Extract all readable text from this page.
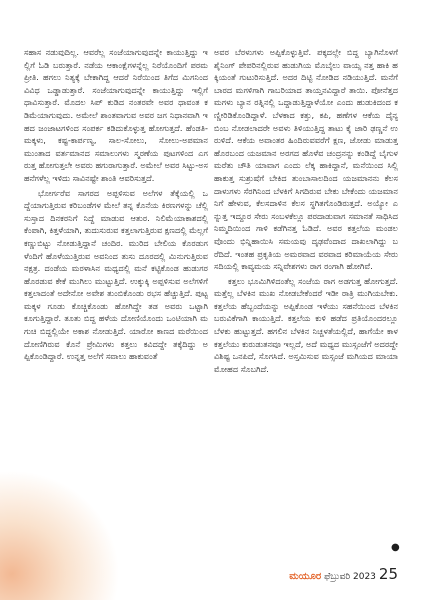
ಸಹಾಸ ನಡುವುದಿಲ್ಲ. ಆವರೆಲ್ಲ ಸಂಜೆಯಾಗುವುದನ್ನೇ ಕಾಯುತ್ತಿದ್ದು ಇಲ್ಲಿಗೆ ಓಡಿ ಬರುತ್ತಾರೆ. ನಡೆಯ ಆಕಾಂಕ್ಷೆಗಳನ್ನೆಲ್ಲ ನಿರೆಯೊಂದಿಗೆ ಪರಮಪ್ರೀತಿ. ಹಗಲು ನಿತ್ಯಕ್ಕೆ ಬೇಕಾಗಿದ್ದ ಆದರೆ ನಿರೆಯಿಂದ ತಿಗೆದ ಮಿಗನಿಂದ ವಿವಿಧ ಒಡ್ಡಾಡುತ್ತಾರೆ. ಸಂಜೆಯಾಗುವುದನ್ನೇ ಕಾಯುತ್ತಿದ್ದು ಇಲ್ಲಿಗೆ ಧಾವಿಸುತ್ತಾರೆ. ಮೊದಲ ಸಿಪ್ ಕುಡಿದ ನಂತರವೇ ಅವರ ಧಾವಂತ ಕಡಿಮೆಯಾಗುವುದು. ಅಮೇಲೆ ಶಾಂತವಾಗುವ ಅವರ ಜಗ ನಿಧಾನವಾಗಿ ಇಹದ ಜಂಜಾಟಗಳಿಂದ ಸಂಪರ್ಕ ಕಡಿದುಕೊಳ್ಳುತ್ತ ಹೋಗುತ್ತದೆ. ಹೆಂಡತಿ- ಮಕ್ಕಳು, ಕಷ್ಟ-ಕಾರ್ಪಣ್ಯ, ಸಾಲ-ಸೋಲು, ಸೋಲು-ಅಪಮಾನ ಮುಂತಾದ ವರ್ತಮಾನದ ಸಮಾಲುಗಳು ಸ್ಮರಣೆಯ ಪುಟಗಳಿಂದ ಎಗರುತ್ತ ಹೋಗುತ್ತಲೇ ಅವರು ಹಗುರಾಗುತ್ತಾರೆ. ಅಮೇಲೆ ಅವರ ಸಿಟ್ಟು-ಅಸಹನೆಗಳೆಲ್ಲ ಇಳಿದು ಸಾವಿನಷ್ಟೇ ಶಾಂತಿ ಆವರಿಸುತ್ತದೆ.

ಭೋರ್ಗರೆವ ಸಾಗರದ ಅಪ್ಪಳಿಸುವ ಅಲೆಗಳ ತೆಕ್ಕೆಯಲ್ಲಿ ಒದ್ದೆಯಾಗುತ್ತಿರುವ ಕರಿಬಂಡೆಗಳ ಮೇಲೆ ತನ್ನ ಕೊನೆಯ ಕಿರಣಗಳನ್ನು ಚೆಲ್ಲಿ ಸುಸ್ತಾದ ದಿನಕರನಿಗೆ ನಿದ್ದೆ ಮಾಡುವ ಆತುರ. ನಿಲಿಮೆಯಾಕಾಶದಲ್ಲಿ ಕೆಂಪಾಗಿ, ಕಿತ್ತಳೆಯಾಗಿ, ತುದುಸುರುವ ಕತ್ತಲಾಗುತ್ತಿರುವ ಕ್ಷಣದಲ್ಲಿ ಮೆಲ್ಲಗೆ ಕಣ್ಣುಬಿಟ್ಟು ನೋಡುತ್ತಿದ್ದಾನೆ ಚಂದಿರ. ಮುರಿದ ಬೇಲಿಯ ಕೊರಡುಗಳೆಂದಿಗೆ ಹೊಳೆಯುತ್ತಿರುವ ಅವನಿಂದ ತುಸು ದೂರದಲ್ಲಿ ಮಿನುಗುತ್ತಿರುವ ನಕ್ಷತ್ರ. ದಂಡೆಯ ಮರಳಾಸಿನ ಮಧ್ಯದಲ್ಲಿ ಮನೆ ಕಟ್ಟಿಕೊಂಡ ಹುಡುಗರ ಹೊರಡುವ ಕೇಕೆ ಮುಗಿಲು ಮುಟ್ಟುತ್ತಿದೆ. ಉಕ್ಕುಕ್ಕಿ ಅಪ್ಪಳಿಸುವ ಅಲೆಗಳಿಗೆ ಕತ್ತಲಾದಂತೆ ಅದೇನೋ ಅವೇಶ ತುಂಬಿಕೊಂಡು ರಭಸ ಹೆಚ್ಚುತ್ತಿದೆ. ಪುಟ್ಟ ಮಕ್ಕಳ ಗೂಡು ಕೊಚ್ಚಿಕೊಂಡು ಹೋಗಿದ್ದೇ ತಡ ಅವರು ಒಟ್ಟಾಗಿ ಕೂಗುತ್ತಿದ್ದಾರೆ. ತೂತು ಬಿದ್ದ ಹಳೆಯ ದೋಣಿಯೊಂದು ಒಂಟಿಯಾಗಿ ಮಗುಚಿ ಬಿದ್ದಲ್ಲಿಯೇ ಅಕಾಶ ನೋಡುತ್ತಿದೆ. ಯಾರೋ ಕಾಣದ ಮರೆಯಿಂದ ದೋಣಿಗಿರುವ ಕೊನೆ ಪ್ರೇಮಿಗಳು ಕತ್ತಲು ಕವಿದದ್ದೇ ತಕ್ಕೆದಿದ್ದು ಅಪ್ಪಿಕೊಂಡಿದ್ದಾರೆ. ಉನ್ನತ್ತ ಅಲೆಗೆ ಸವಾಲು ಹಾಕುವಂತೆ

ಅವರ ಬೆರಳುಗಳು ಅಪ್ಪಿಕೊಳ್ಳುತ್ತಿವೆ. ಪಕ್ಕದಲ್ಲೇ ಬಿದ್ದ ಬ್ಯಾಗಿನೊಳಗೆ ಶೈನಿಂಗ್ ಪೇಪರಿನಲ್ಲಿರುವ ಹುಡುಗಿಯ ಮೊಬೈಲು ವಾಯ್ಸ ನತ್ತ ಹಾಕಿ ಹಕ್ಕಿಯಂತೆ ಗುಟುರಿಸುತ್ತಿದೆ. ಅದರ ದಿಟ್ಟಿ ನೋಡಿದ ನಡಿಯುತ್ತಿದೆ. ಮನೆಗೆ ಬಾರದ ಮಗಳಿಗಾಗಿ ಗಾಬರಿಯಾದ ತಾಯ್ತನವಿದ್ದಾರೆ ತಾಯಿ. ಪೋನೆತ್ತದ ಮಗಳು ಬ್ಯಾನ ರತ್ನಿನಲ್ಲಿ ಒದ್ದಾಡುತ್ತಿದ್ದಾಳೆಯೋ ಎಂದು ಹುಡುಕಿದಂದ ಕಣ್ಣೀರಿಡಿಕೊಂಡಿದ್ದಾಳೆ. ಬೆಳಕಾದ ಕತ್ತು, ಕಪಿ, ಹಣೆಗಳ ಆಕೆಯ ದೈನ್ಯ ಬಿಂಬ ನೋಡಲಾದರೇ ಅವಳು ತಿಳಿಯುತ್ತಿದ್ದ ತಾಟು ಕೈ ಜಾರಿ ಢಣ್ಣನೆ ಉರುಳಿದೆ. ಆಕೆಯ ಅವಾಂತರ ಹಿಂದಿರುವವರೆಗೆ ಕ್ಷಣ, ಜೋಡು ಮಾಡುತ್ತ ಹೊರಬಂದ ಯಜಮಾನ ಅರಗದ ಹೊಳೆವ ಚಂದ್ರನನ್ನು ಕಂಡಿದ್ದೆ ಬೈಗುಳ ಮರೆತು ಚೌತಿ ಯಾವಾಗ ಎಂದು ಲೆಕ್ಕ ಹಾಕಿದ್ದಾನೆ, ಮನೆಯಿಂದ ಸಿಲ್ಲಿ ಹಾಕುತ್ತ ಸುಶ್ರುಷೆಗೆ ಬೇಕಿದ ತುಂಬಾಸಾಲದಿಂದ ಯಜಮಾನನು ಕೆಲಸದಾಳುಗಳು ಸೆರಗಿನಿಂದ ಬೆಳಕಿಗೆ ಸಿಗದಿರುವ ಬೇಕು ಬೇಕೆಂದು ಯಜಮಾನನಿಗೆ ಹೇಳುವ, ಕೆಲಸದಾಳಿನ ಕೆಲಸ ಸ್ಥಗಿತಗೊಂಡಿರುತ್ತದೆ. ಅಯ್ಯೋ ಎನ್ನುತ್ತ ಇದ್ದೂರ ಸೇರು ಸಂಬಳಕೆಲ್ಲೂ ಪರದಾಡುವಾಗ ಸಮಾನತೆ ಸಾಧಿಸಿದ ನಿಮ್ಮದಿಯಿಂದ ಗಾಳಿ ಕಡೆಗಿನತ್ತ ಓಡಿದೆ. ಅವರ ಕತ್ತಲೆಯ ಮಂಡಲವೊಂದು ಭಿನ್ನಿಹಾಯಿಸಿ ಸಮಯವು ದೃಢವೆಂದಾದ ದಾಖಲಾಗಿದ್ದು ಬರೆದಿದೆ. ಇಂತಹ ಪ್ರಕೃತಿಯ ಅಮರವಾದ ವರವಾದ ಕರಿಮಾಯೆಯ ಸೇರು ಸದಿಯಲ್ಲಿ ಕಾವ್ಯಮಯ ಸನ್ನಿವೇಶಗಳು ರಾಗ ರಂಗಾಗಿ ಹೋಗಿವೆ.

ಕತ್ತಲು ಭೂಮಿಗಿಳಿದಂತೆಲ್ಲ ಸಂಜೆಯ ರಾಗ ಅಡಗುತ್ತ ಹೋಗುತ್ತದೆ. ಮತ್ತೆಲ್ಲ ಬೆಳಕಿನ ಮುಖ ನೋಡಬೇಕೆಂದರೆ ಇಡೀ ರಾತ್ರಿ ಮುಗಿಯಬೇಕು. ಕತ್ತಲೆಯ ಹೆಬ್ಬಂದೆಯನ್ನು ಅಪ್ಪಿಕೊಂಡ ಇಳೆಯು ಸಹನೆಯಿಂದ ಬೆಳಕಿನ ಬರುವಿಕೆಗಾಗಿ ಕಾಯುತ್ತಿದೆ. ಕತ್ತಲೆಯ ಕುಳಿ ಹಡೆದ ಪ್ರತಿಯೊಂದರಲ್ಲೂ ಬೆಳಕು ಹುಟ್ಟುತ್ತದೆ. ಹಗಲಿನ ಬೆಳಕಿನ ನಿಚ್ಚಳತೆಯಲ್ಲಿದೆ, ಹಾಗೆಯೇ ಕಾಳ ಕತ್ತಲೆಯು ಕುರುಡುತನವೂ ಇಲ್ಲದೆ, ಅದೆ ಮಧ್ಯದ ಮುಸ್ಸಂಜೆಗೆ ಅದರದ್ದೇ ವಿಶಿಷ್ಟ ಒನಪಿದೆ, ಸೊಗಸಿದೆ. ಅಸ್ತಮಿಸುವ ಮಸ್ಸಂಜೆ ಮಗಿಯದ ಮಾಯಾ ಮೋಹದ ಸೊಬಗಿದೆ.

●
ಮಯೂರ ಫೆಬ್ರುವರಿ 2023 25
